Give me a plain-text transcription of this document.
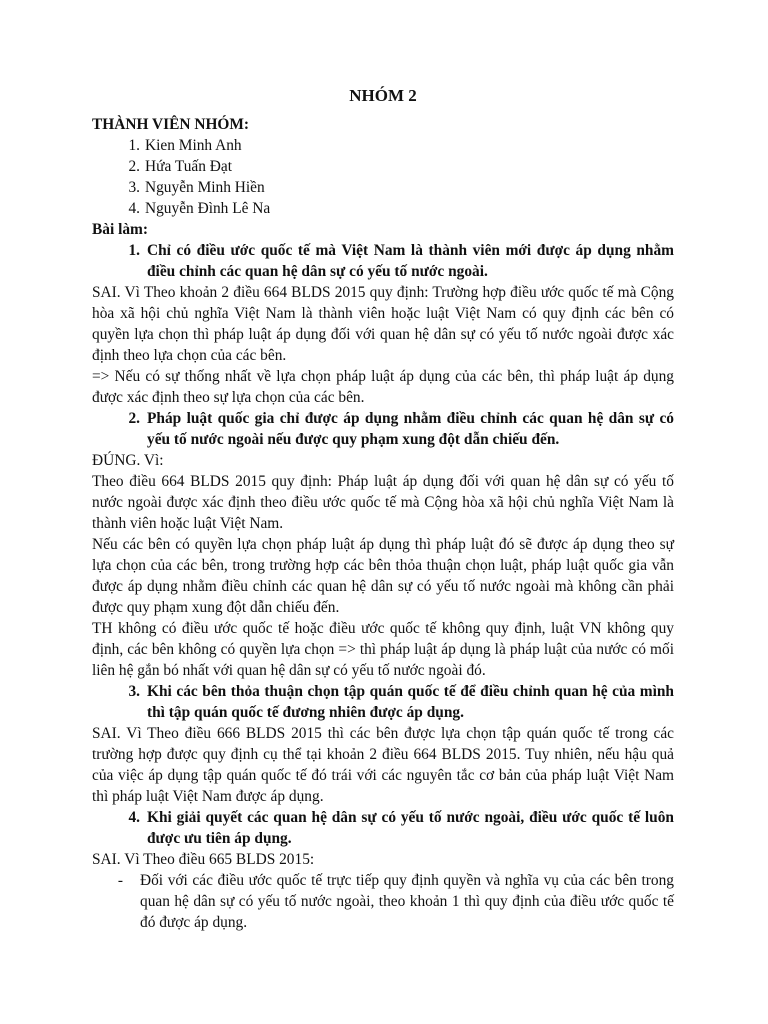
NHÓM 2
THÀNH VIÊN NHÓM:
1. Kien Minh Anh
2. Hứa Tuấn Đạt
3. Nguyễn Minh Hiền
4. Nguyễn Đình Lê Na
Bài làm:
1. Chỉ có điều ước quốc tế mà Việt Nam là thành viên mới được áp dụng nhằm điều chỉnh các quan hệ dân sự có yếu tố nước ngoài.

SAI. Vì Theo khoản 2 điều 664 BLDS 2015 quy định: Trường hợp điều ước quốc tế mà Cộng hòa xã hội chủ nghĩa Việt Nam là thành viên hoặc luật Việt Nam có quy định các bên có quyền lựa chọn thì pháp luật áp dụng đối với quan hệ dân sự có yếu tố nước ngoài được xác định theo lựa chọn của các bên.

=> Nếu có sự thống nhất về lựa chọn pháp luật áp dụng của các bên, thì pháp luật áp dụng được xác định theo sự lựa chọn của các bên.

2. Pháp luật quốc gia chỉ được áp dụng nhằm điều chỉnh các quan hệ dân sự có yếu tố nước ngoài nếu được quy phạm xung đột dẫn chiếu đến.

ĐÚNG. Vì:

Theo điều 664 BLDS 2015 quy định: Pháp luật áp dụng đối với quan hệ dân sự có yếu tố nước ngoài được xác định theo điều ước quốc tế mà Cộng hòa xã hội chủ nghĩa Việt Nam là thành viên hoặc luật Việt Nam.

Nếu các bên có quyền lựa chọn pháp luật áp dụng thì pháp luật đó sẽ được áp dụng theo sự lựa chọn của các bên, trong trường hợp các bên thỏa thuận chọn luật, pháp luật quốc gia vẫn được áp dụng nhằm điều chỉnh các quan hệ dân sự có yếu tố nước ngoài mà không cần phải được quy phạm xung đột dẫn chiếu đến.

TH không có điều ước quốc tế hoặc điều ước quốc tế không quy định, luật VN không quy định, các bên không có quyền lựa chọn => thì pháp luật áp dụng là pháp luật của nước có mối liên hệ gắn bó nhất với quan hệ dân sự có yếu tố nước ngoài đó.

3. Khi các bên thỏa thuận chọn tập quán quốc tế để điều chỉnh quan hệ của mình thì tập quán quốc tế đương nhiên được áp dụng.

SAI. Vì Theo điều 666 BLDS 2015 thì các bên được lựa chọn tập quán quốc tế trong các trường hợp được quy định cụ thể tại khoản 2 điều 664 BLDS 2015. Tuy nhiên, nếu hậu quả của việc áp dụng tập quán quốc tế đó trái với các nguyên tắc cơ bản của pháp luật Việt Nam thì pháp luật Việt Nam được áp dụng.

4. Khi giải quyết các quan hệ dân sự có yếu tố nước ngoài, điều ước quốc tế luôn được ưu tiên áp dụng.

SAI. Vì Theo điều 665 BLDS 2015:

-	Đối với các điều ước quốc tế trực tiếp quy định quyền và nghĩa vụ của các bên trong quan hệ dân sự có yếu tố nước ngoài, theo khoản 1 thì quy định của điều ước quốc tế đó được áp dụng.
